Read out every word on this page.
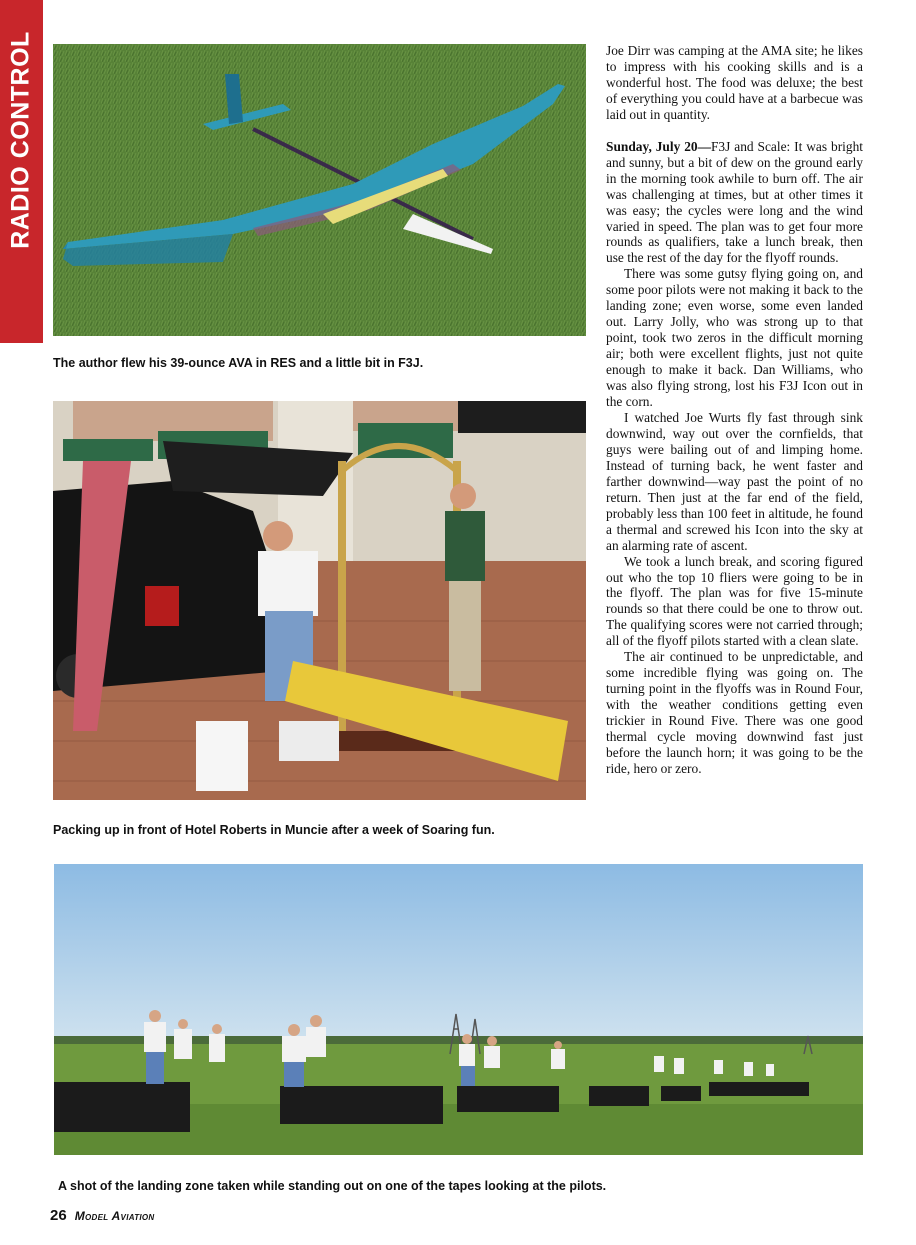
RADIO CONTROL
The author flew his 39-ounce AVA in RES and a little bit in F3J.
Packing up in front of Hotel Roberts in Muncie after a week of Soaring fun.

Joe Dirr was camping at the AMA site; he likes to impress with his cooking skills and is a wonderful host. The food was deluxe; the best of everything you could have at a barbecue was laid out in quantity.

Sunday, July 20—F3J and Scale: It was bright and sunny, but a bit of dew on the ground early in the morning took awhile to burn off. The air was challenging at times, but at other times it was easy; the cycles were long and the wind varied in speed. The plan was to get four more rounds as qualifiers, take a lunch break, then use the rest of the day for the flyoff rounds.

There was some gutsy flying going on, and some poor pilots were not making it back to the landing zone; even worse, some even landed out. Larry Jolly, who was strong up to that point, took two zeros in the difficult morning air; both were excellent flights, just not quite enough to make it back. Dan Williams, who was also flying strong, lost his F3J Icon out in the corn.

I watched Joe Wurts fly fast through sink downwind, way out over the cornfields, that guys were bailing out of and limping home. Instead of turning back, he went faster and farther downwind—way past the point of no return. Then just at the far end of the field, probably less than 100 feet in altitude, he found a thermal and screwed his Icon into the sky at an alarming rate of ascent.

We took a lunch break, and scoring figured out who the top 10 fliers were going to be in the flyoff. The plan was for five 15-minute rounds so that there could be one to throw out. The qualifying scores were not carried through; all of the flyoff pilots started with a clean slate.

The air continued to be unpredictable, and some incredible flying was going on. The turning point in the flyoffs was in Round Four, with the weather conditions getting even trickier in Round Five. There was one good thermal cycle moving downwind fast just before the launch horn; it was going to be the ride, hero or zero.

A shot of the landing zone taken while standing out on one of the tapes looking at the pilots.
26 Model Aviation
